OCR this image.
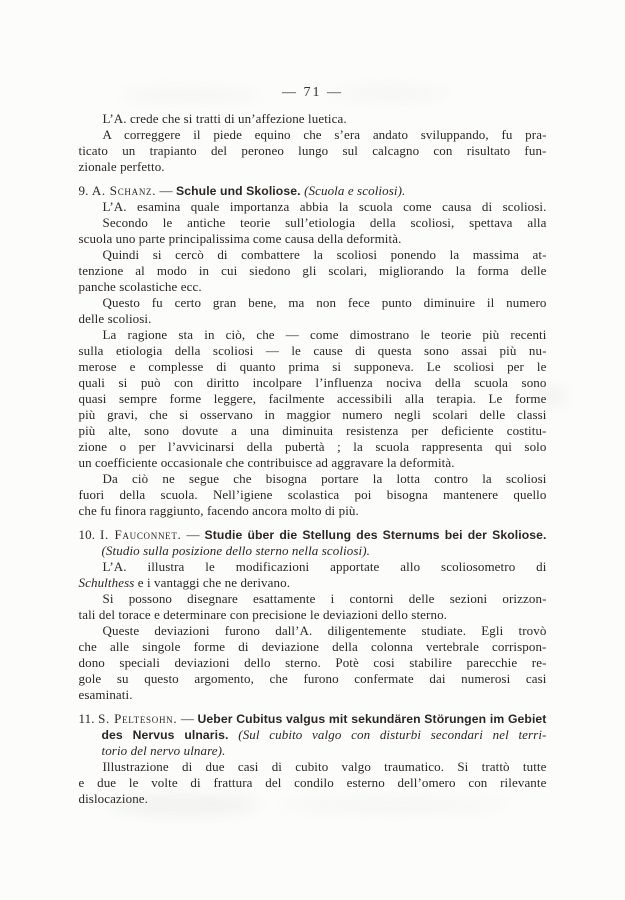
— 71 —
L’A. crede che si tratti di un’affezione luetica.
A correggere il piede equino che s’era andato sviluppando, fu pra-
ticato un trapianto del peroneo lungo sul calcagno con risultato fun-
zionale perfetto.
9. A. Schanz. — Schule und Skoliose. (Scuola e scoliosi).
L’A. esamina quale importanza abbia la scuola come causa di scoliosi.
Secondo le antiche teorie sull’etiologia della scoliosi, spettava alla
scuola uno parte principalissima come causa della deformità.
Quindi si cercò di combattere la scoliosi ponendo la massima at-
tenzione al modo in cui siedono gli scolari, migliorando la forma delle
panche scolastiche ecc.
Questo fu certo gran bene, ma non fece punto diminuire il numero
delle scoliosi.
La ragione sta in ciò, che — come dimostrano le teorie più recenti
sulla etiologia della scoliosi — le cause di questa sono assai più nu-
merose e complesse di quanto prima si supponeva. Le scoliosi per le
quali si può con diritto incolpare l’influenza nociva della scuola sono
quasi sempre forme leggere, facilmente accessibili alla terapia. Le forme
più gravi, che si osservano in maggior numero negli scolari delle classi
più alte, sono dovute a una diminuita resistenza per deficiente costitu-
zione o per l’avvicinarsi della pubertà ; la scuola rappresenta qui solo
un coefficiente occasionale che contribuisce ad aggravare la deformità.
Da ciò ne segue che bisogna portare la lotta contro la scoliosi
fuori della scuola. Nell’igiene scolastica poi bisogna mantenere quello
che fu finora raggiunto, facendo ancora molto di più.
10. I. Fauconnet. — Studie über die Stellung des Sternums bei der Skoliose.
(Studio sulla posizione dello sterno nella scoliosi).
L’A. illustra le modificazioni apportate allo scoliosometro di
Schulthess e i vantaggi che ne derivano.
Si possono disegnare esattamente i contorni delle sezioni orizzon-
tali del torace e determinare con precisione le deviazioni dello sterno.
Queste deviazioni furono dall’A. diligentemente studiate. Egli trovò
che alle singole forme di deviazione della colonna vertebrale corrispon-
dono speciali deviazioni dello sterno. Potè cosi stabilire parecchie re-
gole su questo argomento, che furono confermate dai numerosi casi
esaminati.
11. S. Peltesohn. — Ueber Cubitus valgus mit sekundären Störungen im Gebiet
des Nervus ulnaris. (Sul cubito valgo con disturbi secondari nel terri-
torio del nervo ulnare).
Illustrazione di due casi di cubito valgo traumatico. Si trattò tutte
e due le volte di frattura del condilo esterno dell’omero con rilevante
dislocazione.
